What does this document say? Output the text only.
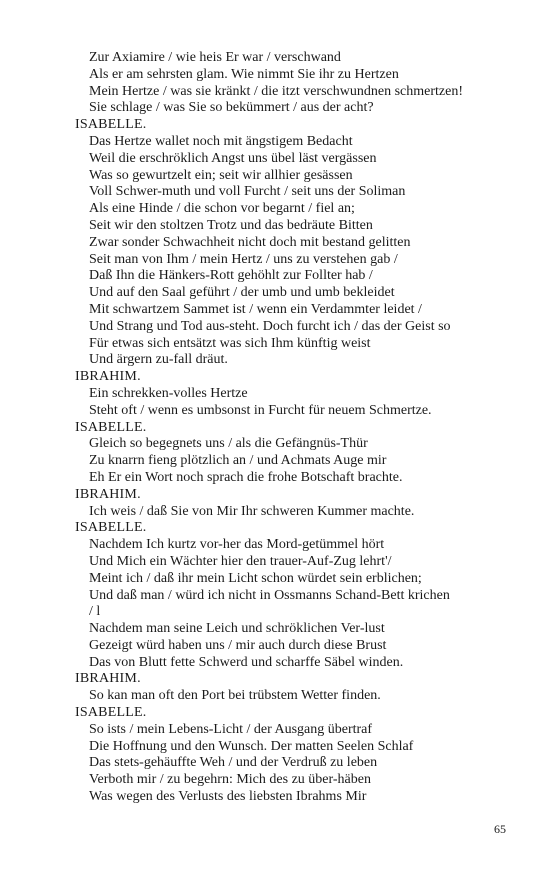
Zur Axiamire / wie heis Er war / verschwand
Als er am sehrsten glam. Wie nimmt Sie ihr zu Hertzen
Mein Hertze / was sie kränkt / die itzt verschwundnen schmertzen!
Sie schlage / was Sie so bekümmert / aus der acht?
ISABELLE.
Das Hertze wallet noch mit ängstigem Bedacht
Weil die erschröklich Angst uns übel läst vergässen
Was so gewurtzelt ein; seit wir allhier gesässen
Voll Schwer-muth und voll Furcht / seit uns der Soliman
Als eine Hinde / die schon vor begarnt / fiel an;
Seit wir den stoltzen Trotz und das bedräute Bitten
Zwar sonder Schwachheit nicht doch mit bestand gelitten
Seit man von Ihm / mein Hertz / uns zu verstehen gab /
Daß Ihn die Hänkers-Rott gehöhlt zur Follter hab /
Und auf den Saal geführt / der umb und umb bekleidet
Mit schwartzem Sammet ist / wenn ein Verdammter leidet /
Und Strang und Tod aus-steht. Doch furcht ich / das der Geist so
Für etwas sich entsätzt was sich Ihm künftig weist
Und ärgern zu-fall dräut.
IBRAHIM.
Ein schrekken-volles Hertze
Steht oft / wenn es umbsonst in Furcht für neuem Schmertze.
ISABELLE.
Gleich so begegnets uns / als die Gefängnüs-Thür
Zu knarrn fieng plötzlich an / und Achmats Auge mir
Eh Er ein Wort noch sprach die frohe Botschaft brachte.
IBRAHIM.
Ich weis / daß Sie von Mir Ihr schweren Kummer machte.
ISABELLE.
Nachdem Ich kurtz vor-her das Mord-getümmel hört
Und Mich ein Wächter hier den trauer-Auf-Zug lehrt'/
Meint ich / daß ihr mein Licht schon würdet sein erblichen;
Und daß man / würd ich nicht in Ossmanns Schand-Bett krichen
/ l
Nachdem man seine Leich und schröklichen Ver-lust
Gezeigt würd haben uns / mir auch durch diese Brust
Das von Blutt fette Schwerd und scharffe Säbel winden.
IBRAHIM.
So kan man oft den Port bei trübstem Wetter finden.
ISABELLE.
So ists / mein Lebens-Licht / der Ausgang übertraf
Die Hoffnung und den Wunsch. Der matten Seelen Schlaf
Das stets-gehäuffte Weh / und der Verdruß zu leben
Verboth mir / zu begehrn: Mich des zu über-häben
Was wegen des Verlusts des liebsten Ibrahms Mir
65
